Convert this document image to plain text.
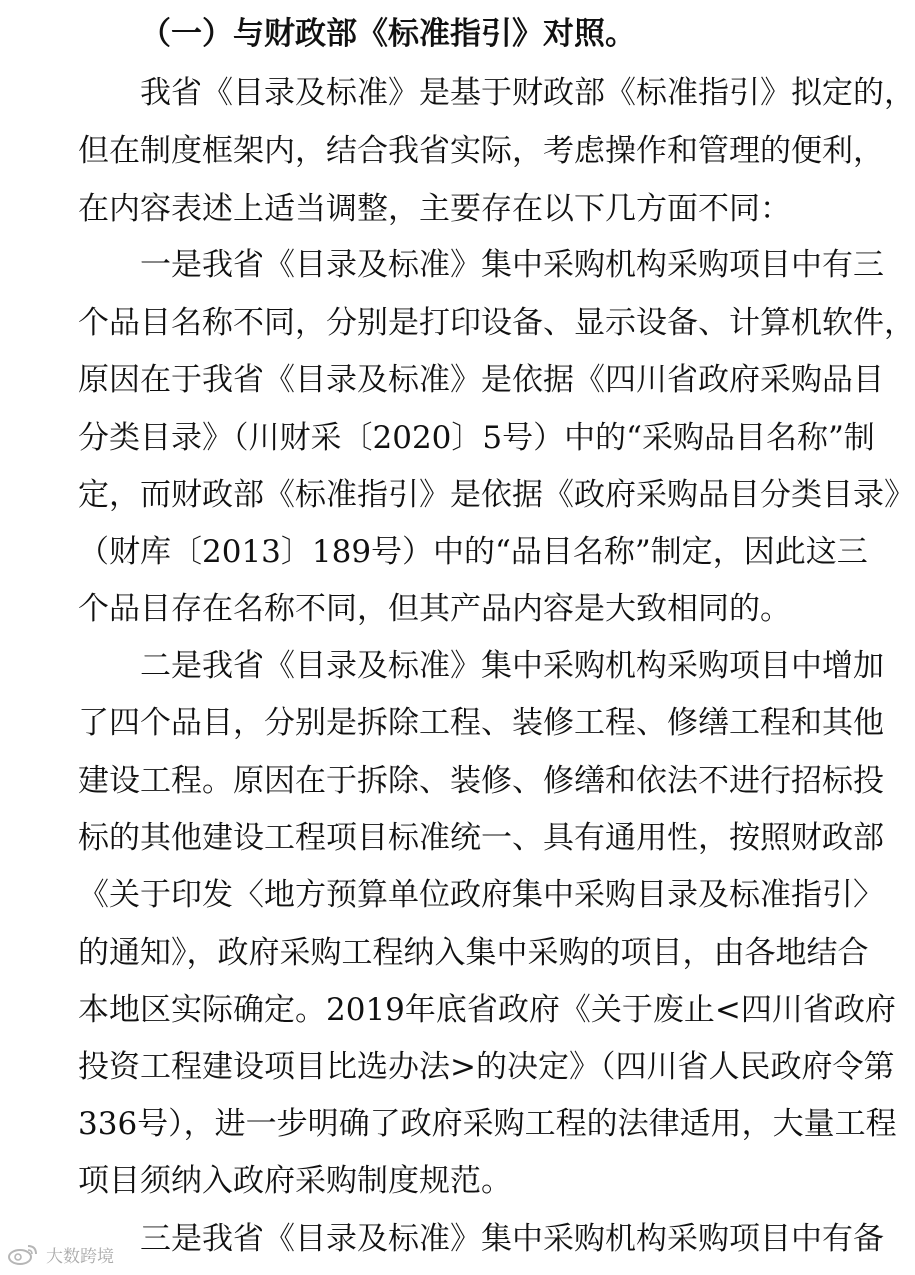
（一）与财政部《标准指引》对照。
我省《目录及标准》是基于财政部《标准指引》拟定的，
但在制度框架内，结合我省实际，考虑操作和管理的便利，
在内容表述上适当调整，主要存在以下几方面不同：
一是我省《目录及标准》集中采购机构采购项目中有三
个品目名称不同，分别是打印设备、显示设备、计算机软件，
原因在于我省《目录及标准》是依据《四川省政府采购品目
分类目录》（川财采〔2020〕5号）中的“采购品目名称”制
定，而财政部《标准指引》是依据《政府采购品目分类目录》
（财库〔2013〕189号）中的“品目名称”制定，因此这三
个品目存在名称不同，但其产品内容是大致相同的。
二是我省《目录及标准》集中采购机构采购项目中增加
了四个品目，分别是拆除工程、装修工程、修缮工程和其他
建设工程。原因在于拆除、装修、修缮和依法不进行招标投
标的其他建设工程项目标准统一、具有通用性，按照财政部
《关于印发〈地方预算单位政府集中采购目录及标准指引〉
的通知》，政府采购工程纳入集中采购的项目，由各地结合
本地区实际确定。2019年底省政府《关于废止<四川省政府
投资工程建设项目比选办法>的决定》（四川省人民政府令第
336号），进一步明确了政府采购工程的法律适用，大量工程
项目须纳入政府采购制度规范。
三是我省《目录及标准》集中采购机构采购项目中有备
大数跨境
